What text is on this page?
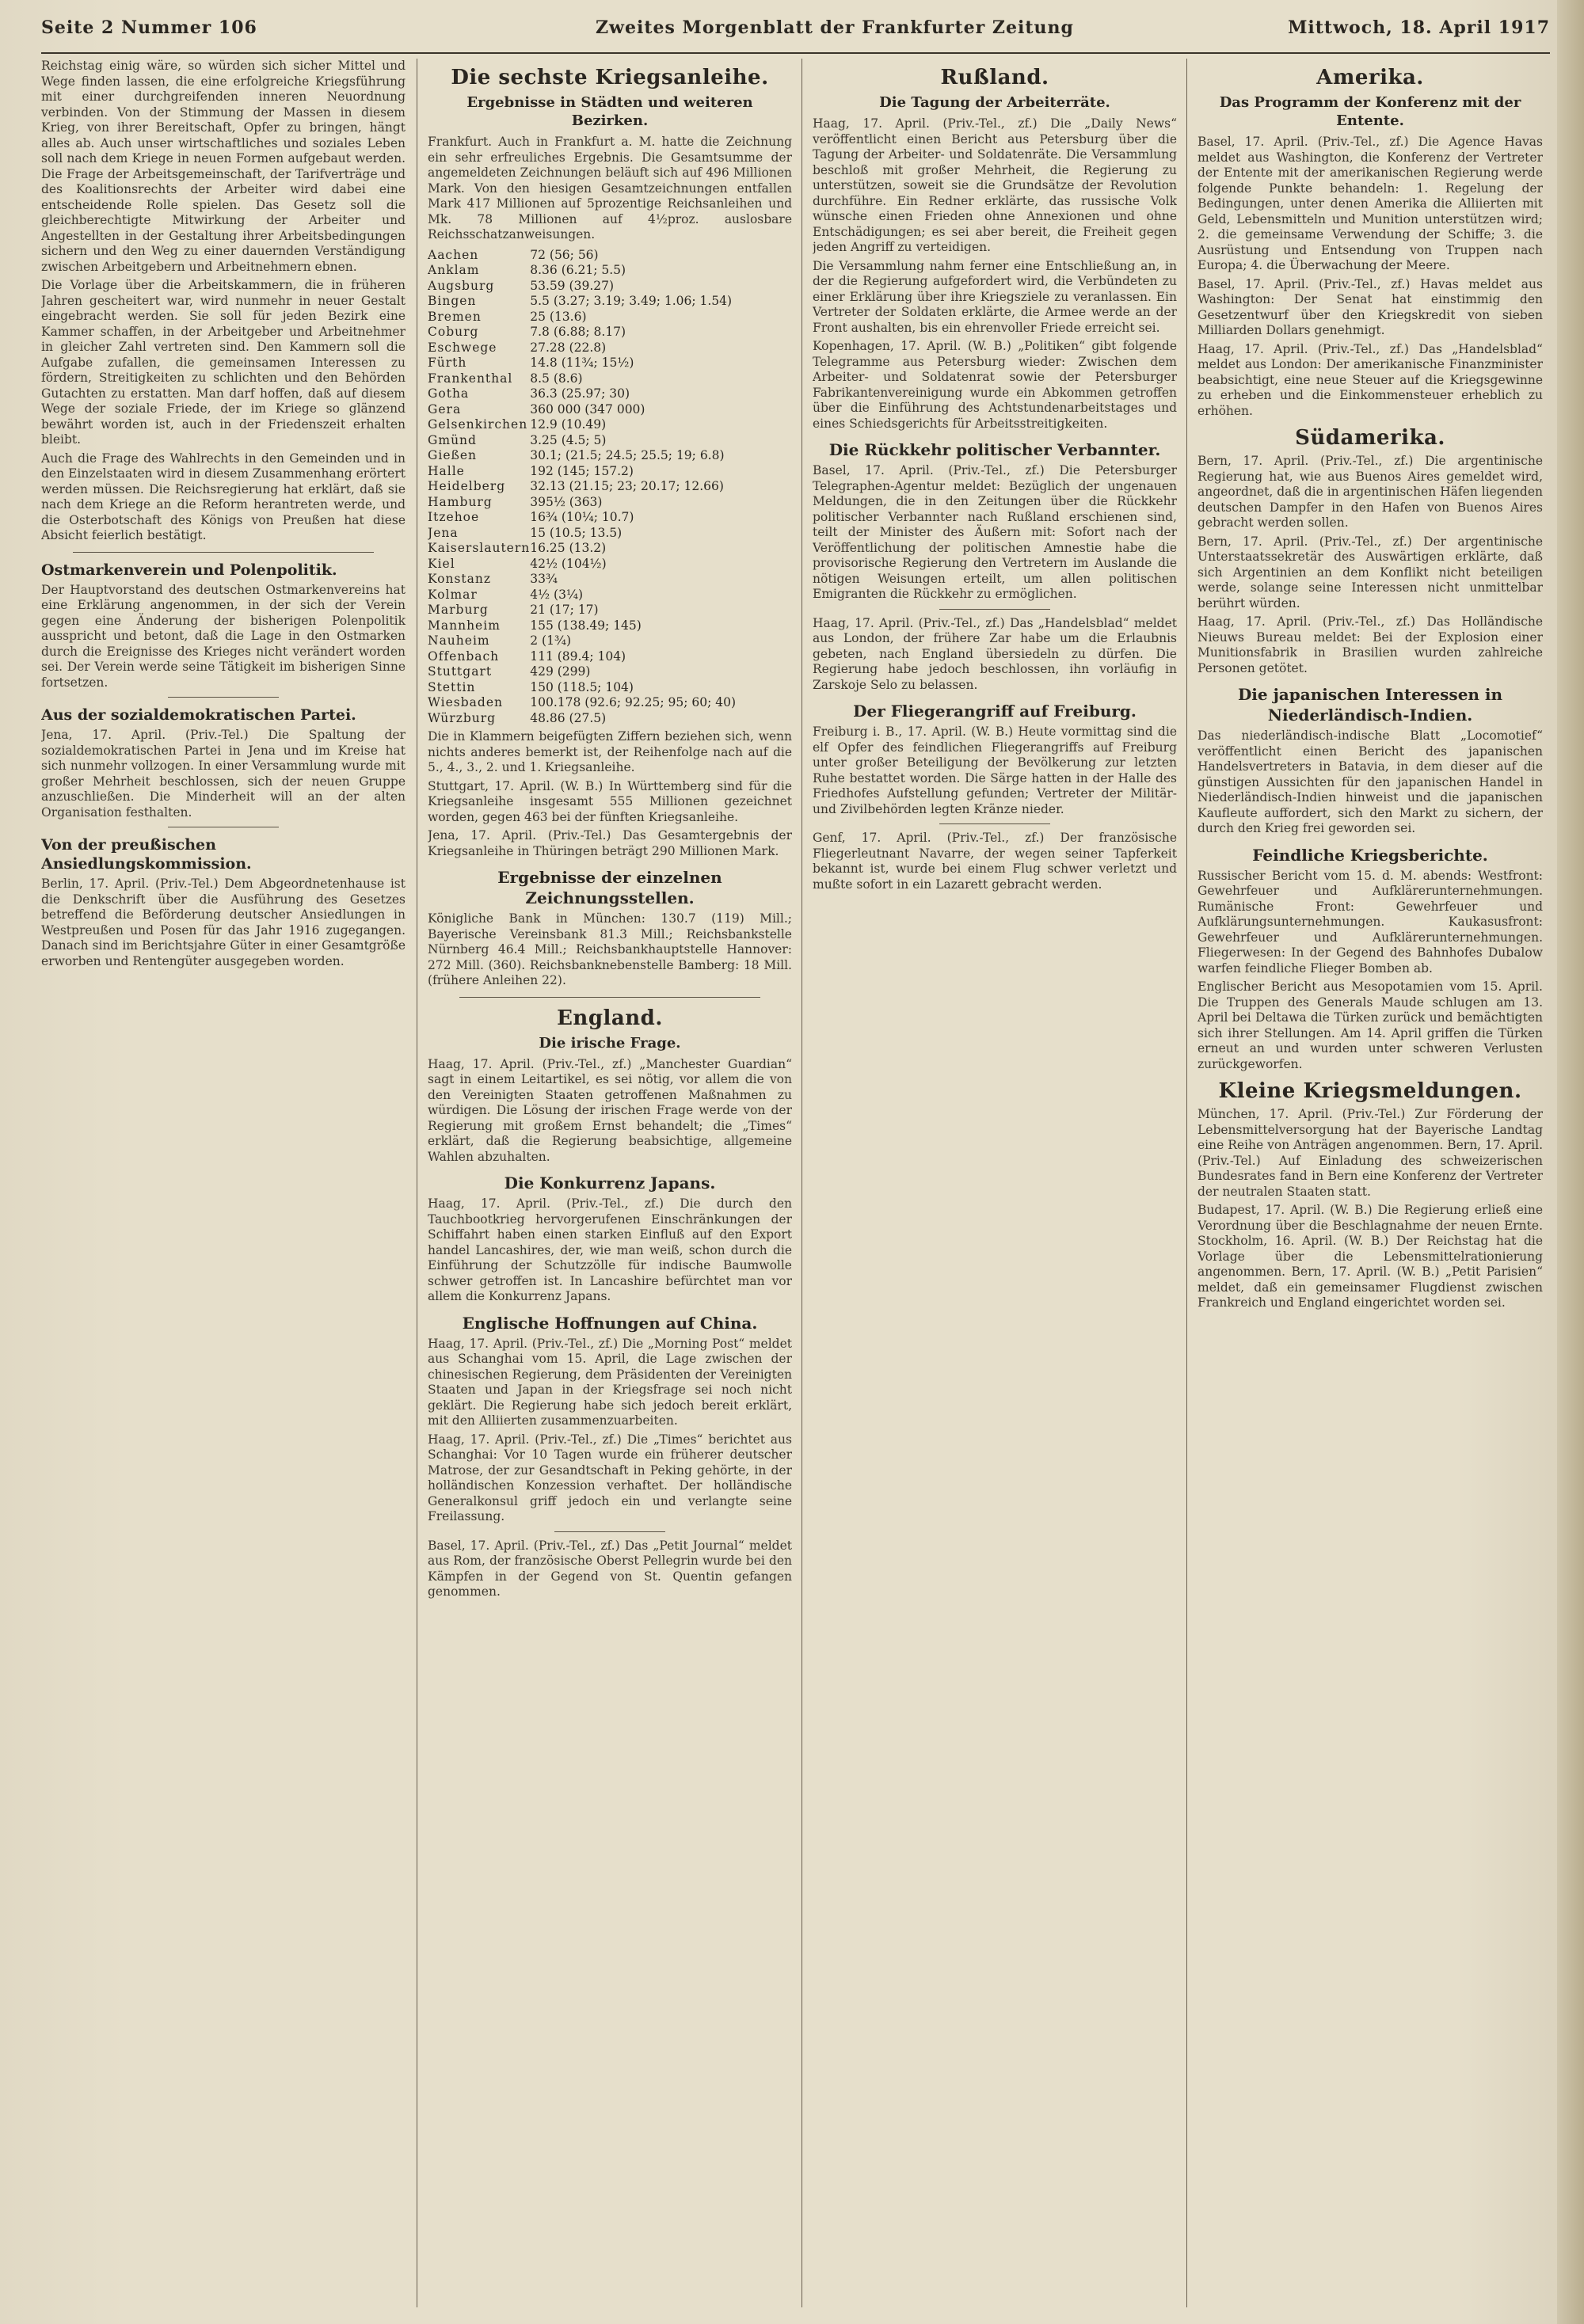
Seite 2 Nummer 106	Zweites Morgenblatt der Frankfurter Zeitung	Mittwoch, 18. April 1917

Reichstag einig wäre, so würden sich sicher Mittel und Wege finden lassen, die eine erfolgreiche Kriegsführung mit einer durchgreifenden inneren Neuordnung verbinden. Von der Stimmung der Massen in diesem Krieg, von ihrer Bereitschaft, Opfer zu bringen, hängt alles ab. Auch unser wirtschaftliches und soziales Leben soll nach dem Kriege in neuen Formen aufgebaut werden. Die Frage der Arbeitsgemeinschaft, der Tarifverträge und des Koalitionsrechts der Arbeiter wird dabei eine entscheidende Rolle spielen. Das Gesetz soll die gleichberechtigte Mitwirkung der Arbeiter und Angestellten in der Gestaltung ihrer Arbeitsbedingungen sichern und den Weg zu einer dauernden Verständigung zwischen Arbeitgebern und Arbeitnehmern ebnen.

Die Vorlage über die Arbeitskammern, die in früheren Jahren gescheitert war, wird nunmehr in neuer Gestalt eingebracht werden. Sie soll für jeden Bezirk eine Kammer schaffen, in der Arbeitgeber und Arbeitnehmer in gleicher Zahl vertreten sind. Den Kammern soll die Aufgabe zufallen, die gemeinsamen Interessen zu fördern, Streitigkeiten zu schlichten und den Behörden Gutachten zu erstatten. Man darf hoffen, daß auf diesem Wege der soziale Friede, der im Kriege so glänzend bewährt worden ist, auch in der Friedenszeit erhalten bleibt.

Auch die Frage des Wahlrechts in den Gemeinden und in den Einzelstaaten wird in diesem Zusammenhang erörtert werden müssen. Die Reichsregierung hat erklärt, daß sie nach dem Kriege an die Reform herantreten werde, und die Osterbotschaft des Königs von Preußen hat diese Absicht feierlich bestätigt.

Ostmarkenverein und Polenpolitik.

Der Hauptvorstand des deutschen Ostmarkenvereins hat eine Erklärung angenommen, in der sich der Verein gegen eine Änderung der bisherigen Polenpolitik ausspricht und betont, daß die Lage in den Ostmarken durch die Ereignisse des Krieges nicht verändert worden sei. Der Verein werde seine Tätigkeit im bisherigen Sinne fortsetzen.

Aus der sozialdemokratischen Partei.

Jena, 17. April. (Priv.-Tel.) Die Spaltung der sozialdemokratischen Partei in Jena und im Kreise hat sich nunmehr vollzogen. In einer Versammlung wurde mit großer Mehrheit beschlossen, sich der neuen Gruppe anzuschließen. Die Minderheit will an der alten Organisation festhalten.

Von der preußischen Ansiedlungskommission.

Berlin, 17. April. (Priv.-Tel.) Dem Abgeordnetenhause ist die Denkschrift über die Ausführung des Gesetzes betreffend die Beförderung deutscher Ansiedlungen in Westpreußen und Posen für das Jahr 1916 zugegangen. Danach sind im Berichtsjahre Güter in einer Gesamtgröße erworben und Rentengüter ausgegeben worden.

Die sechste Kriegsanleihe.
Ergebnisse in Städten und weiteren Bezirken.

Frankfurt. Auch in Frankfurt a. M. hatte die Zeichnung ein sehr erfreuliches Ergebnis. Die Gesamtsumme der angemeldeten Zeichnungen beläuft sich auf 496 Millionen Mark. Von den hiesigen Gesamtzeichnungen entfallen Mark 417 Millionen auf 5prozentige Reichsanleihen und Mk. 78 Millionen auf 4½proz. auslosbare Reichsschatzanweisungen.

Aachen	72 (56; 56)
Anklam	8.36 (6.21; 5.5)
Augsburg	53.59 (39.27)
Bingen	5.5 (3.27; 3.19; 3.49; 1.06; 1.54)
Bremen	25 (13.6)
Coburg	7.8 (6.88; 8.17)
Eschwege	27.28 (22.8)
Fürth	14.8 (11¾; 15½)
Frankenthal	8.5 (8.6)
Gotha	36.3 (25.97; 30)
Gera	360 000 (347 000)
Gelsenkirchen	12.9 (10.49)
Gmünd	3.25 (4.5; 5)
Gießen	30.1; (21.5; 24.5; 25.5; 19; 6.8)
Halle	192 (145; 157.2)
Heidelberg	32.13 (21.15; 23; 20.17; 12.66)
Hamburg	395½ (363)
Itzehoe	16¾ (10¼; 10.7)
Jena	15 (10.5; 13.5)
Kaiserslautern	16.25 (13.2)
Kiel	42½ (104½)
Konstanz	33¾
Kolmar	4½ (3¼)
Marburg	21 (17; 17)
Mannheim	155 (138.49; 145)
Nauheim	2 (1¾)
Offenbach	111 (89.4; 104)
Stuttgart	429 (299)
Stettin	150 (118.5; 104)
Wiesbaden	100.178 (92.6; 92.25; 95; 60; 40)
Würzburg	48.86 (27.5)

Die in Klammern beigefügten Ziffern beziehen sich, wenn nichts anderes bemerkt ist, der Reihenfolge nach auf die 5., 4., 3., 2. und 1. Kriegsanleihe.

Stuttgart, 17. April. (W. B.) In Württemberg sind für die Kriegsanleihe insgesamt 555 Millionen gezeichnet worden, gegen 463 bei der fünften Kriegsanleihe.

Jena, 17. April. (Priv.-Tel.) Das Gesamtergebnis der Kriegsanleihe in Thüringen beträgt 290 Millionen Mark.

Ergebnisse der einzelnen Zeichnungsstellen.

Königliche Bank in München: 130.7 (119) Mill.; Bayerische Vereinsbank 81.3 Mill.; Reichsbankstelle Nürnberg 46.4 Mill.; Reichsbankhauptstelle Hannover: 272 Mill. (360). Reichsbanknebenstelle Bamberg: 18 Mill. (frühere Anleihen 22).

England.
Die irische Frage.

Haag, 17. April. (Priv.-Tel., zf.) „Manchester Guardian“ sagt in einem Leitartikel, es sei nötig, vor allem die von den Vereinigten Staaten getroffenen Maßnahmen zu würdigen. Die Lösung der irischen Frage werde von der Regierung mit großem Ernst behandelt; die „Times“ erklärt, daß die Regierung beabsichtige, allgemeine Wahlen abzuhalten.

Die Konkurrenz Japans.

Haag, 17. April. (Priv.-Tel., zf.) Die durch den Tauchbootkrieg hervorgerufenen Einschränkungen der Schiffahrt haben einen starken Einfluß auf den Export handel Lancashires, der, wie man weiß, schon durch die Einführung der Schutzzölle für indische Baumwolle schwer getroffen ist. In Lancashire befürchtet man vor allem die Konkurrenz Japans.

Englische Hoffnungen auf China.

Haag, 17. April. (Priv.-Tel., zf.) Die „Morning Post“ meldet aus Schanghai vom 15. April, die Lage zwischen der chinesischen Regierung, dem Präsidenten der Vereinigten Staaten und Japan in der Kriegsfrage sei noch nicht geklärt. Die Regierung habe sich jedoch bereit erklärt, mit den Alliierten zusammenzuarbeiten.

Haag, 17. April. (Priv.-Tel., zf.) Die „Times“ berichtet aus Schanghai: Vor 10 Tagen wurde ein früherer deutscher Matrose, der zur Gesandtschaft in Peking gehörte, in der holländischen Konzession verhaftet. Der holländische Generalkonsul griff jedoch ein und verlangte seine Freilassung.

Basel, 17. April. (Priv.-Tel., zf.) Das „Petit Journal“ meldet aus Rom, der französische Oberst Pellegrin wurde bei den Kämpfen in der Gegend von St. Quentin gefangen genommen.

Rußland.
Die Tagung der Arbeiterräte.

Haag, 17. April. (Priv.-Tel., zf.) Die „Daily News“ veröffentlicht einen Bericht aus Petersburg über die Tagung der Arbeiter- und Soldatenräte. Die Versammlung beschloß mit großer Mehrheit, die Regierung zu unterstützen, soweit sie die Grundsätze der Revolution durchführe. Ein Redner erklärte, das russische Volk wünsche einen Frieden ohne Annexionen und ohne Entschädigungen; es sei aber bereit, die Freiheit gegen jeden Angriff zu verteidigen.

Die Versammlung nahm ferner eine Entschließung an, in der die Regierung aufgefordert wird, die Verbündeten zu einer Erklärung über ihre Kriegsziele zu veranlassen. Ein Vertreter der Soldaten erklärte, die Armee werde an der Front aushalten, bis ein ehrenvoller Friede erreicht sei.

Kopenhagen, 17. April. (W. B.) „Politiken“ gibt folgende Telegramme aus Petersburg wieder: Zwischen dem Arbeiter- und Soldatenrat sowie der Petersburger Fabrikantenvereinigung wurde ein Abkommen getroffen über die Einführung des Achtstundenarbeitstages und eines Schiedsgerichts für Arbeitsstreitigkeiten.

Die Rückkehr politischer Verbannter.

Basel, 17. April. (Priv.-Tel., zf.) Die Petersburger Telegraphen-Agentur meldet: Bezüglich der ungenauen Meldungen, die in den Zeitungen über die Rückkehr politischer Verbannter nach Rußland erschienen sind, teilt der Minister des Äußern mit: Sofort nach der Veröffentlichung der politischen Amnestie habe die provisorische Regierung den Vertretern im Auslande die nötigen Weisungen erteilt, um allen politischen Emigranten die Rückkehr zu ermöglichen.

Haag, 17. April. (Priv.-Tel., zf.) Das „Handelsblad“ meldet aus London, der frühere Zar habe um die Erlaubnis gebeten, nach England übersiedeln zu dürfen. Die Regierung habe jedoch beschlossen, ihn vorläufig in Zarskoje Selo zu belassen.

Der Fliegerangriff auf Freiburg.

Freiburg i. B., 17. April. (W. B.) Heute vormittag sind die elf Opfer des feindlichen Fliegerangriffs auf Freiburg unter großer Beteiligung der Bevölkerung zur letzten Ruhe bestattet worden. Die Särge hatten in der Halle des Friedhofes Aufstellung gefunden; Vertreter der Militär- und Zivilbehörden legten Kränze nieder.

Genf, 17. April. (Priv.-Tel., zf.) Der französische Fliegerleutnant Navarre, der wegen seiner Tapferkeit bekannt ist, wurde bei einem Flug schwer verletzt und mußte sofort in ein Lazarett gebracht werden.

Amerika.
Das Programm der Konferenz mit der Entente.

Basel, 17. April. (Priv.-Tel., zf.) Die Agence Havas meldet aus Washington, die Konferenz der Vertreter der Entente mit der amerikanischen Regierung werde folgende Punkte behandeln: 1. Regelung der Bedingungen, unter denen Amerika die Alliierten mit Geld, Lebensmitteln und Munition unterstützen wird; 2. die gemeinsame Verwendung der Schiffe; 3. die Ausrüstung und Entsendung von Truppen nach Europa; 4. die Überwachung der Meere.

Basel, 17. April. (Priv.-Tel., zf.) Havas meldet aus Washington: Der Senat hat einstimmig den Gesetzentwurf über den Kriegskredit von sieben Milliarden Dollars genehmigt.

Haag, 17. April. (Priv.-Tel., zf.) Das „Handelsblad“ meldet aus London: Der amerikanische Finanzminister beabsichtigt, eine neue Steuer auf die Kriegsgewinne zu erheben und die Einkommensteuer erheblich zu erhöhen.

Südamerika.

Bern, 17. April. (Priv.-Tel., zf.) Die argentinische Regierung hat, wie aus Buenos Aires gemeldet wird, angeordnet, daß die in argentinischen Häfen liegenden deutschen Dampfer in den Hafen von Buenos Aires gebracht werden sollen.

Bern, 17. April. (Priv.-Tel., zf.) Der argentinische Unterstaatssekretär des Auswärtigen erklärte, daß sich Argentinien an dem Konflikt nicht beteiligen werde, solange seine Interessen nicht unmittelbar berührt würden.

Haag, 17. April. (Priv.-Tel., zf.) Das Holländische Nieuws Bureau meldet: Bei der Explosion einer Munitionsfabrik in Brasilien wurden zahlreiche Personen getötet.

Die japanischen Interessen in Niederländisch-Indien.

Das niederländisch-indische Blatt „Locomotief“ veröffentlicht einen Bericht des japanischen Handelsvertreters in Batavia, in dem dieser auf die günstigen Aussichten für den japanischen Handel in Niederländisch-Indien hinweist und die japanischen Kaufleute auffordert, sich den Markt zu sichern, der durch den Krieg frei geworden sei.

Feindliche Kriegsberichte.

Russischer Bericht vom 15. d. M. abends: Westfront: Gewehrfeuer und Aufklärerunternehmungen. Rumänische Front: Gewehrfeuer und Aufklärungsunternehmungen. Kaukasusfront: Gewehrfeuer und Aufklärerunternehmungen. Fliegerwesen: In der Gegend des Bahnhofes Dubalow warfen feindliche Flieger Bomben ab.

Englischer Bericht aus Mesopotamien vom 15. April. Die Truppen des Generals Maude schlugen am 13. April bei Deltawa die Türken zurück und bemächtigten sich ihrer Stellungen. Am 14. April griffen die Türken erneut an und wurden unter schweren Verlusten zurückgeworfen.

Kleine Kriegsmeldungen.

München, 17. April. (Priv.-Tel.) Zur Förderung der Lebensmittelversorgung hat der Bayerische Landtag eine Reihe von Anträgen angenommen. Bern, 17. April. (Priv.-Tel.) Auf Einladung des schweizerischen Bundesrates fand in Bern eine Konferenz der Vertreter der neutralen Staaten statt.

Budapest, 17. April. (W. B.) Die Regierung erließ eine Verordnung über die Beschlagnahme der neuen Ernte. Stockholm, 16. April. (W. B.) Der Reichstag hat die Vorlage über die Lebensmittelrationierung angenommen. Bern, 17. April. (W. B.) „Petit Parisien“ meldet, daß ein gemeinsamer Flugdienst zwischen Frankreich und England eingerichtet worden sei.
